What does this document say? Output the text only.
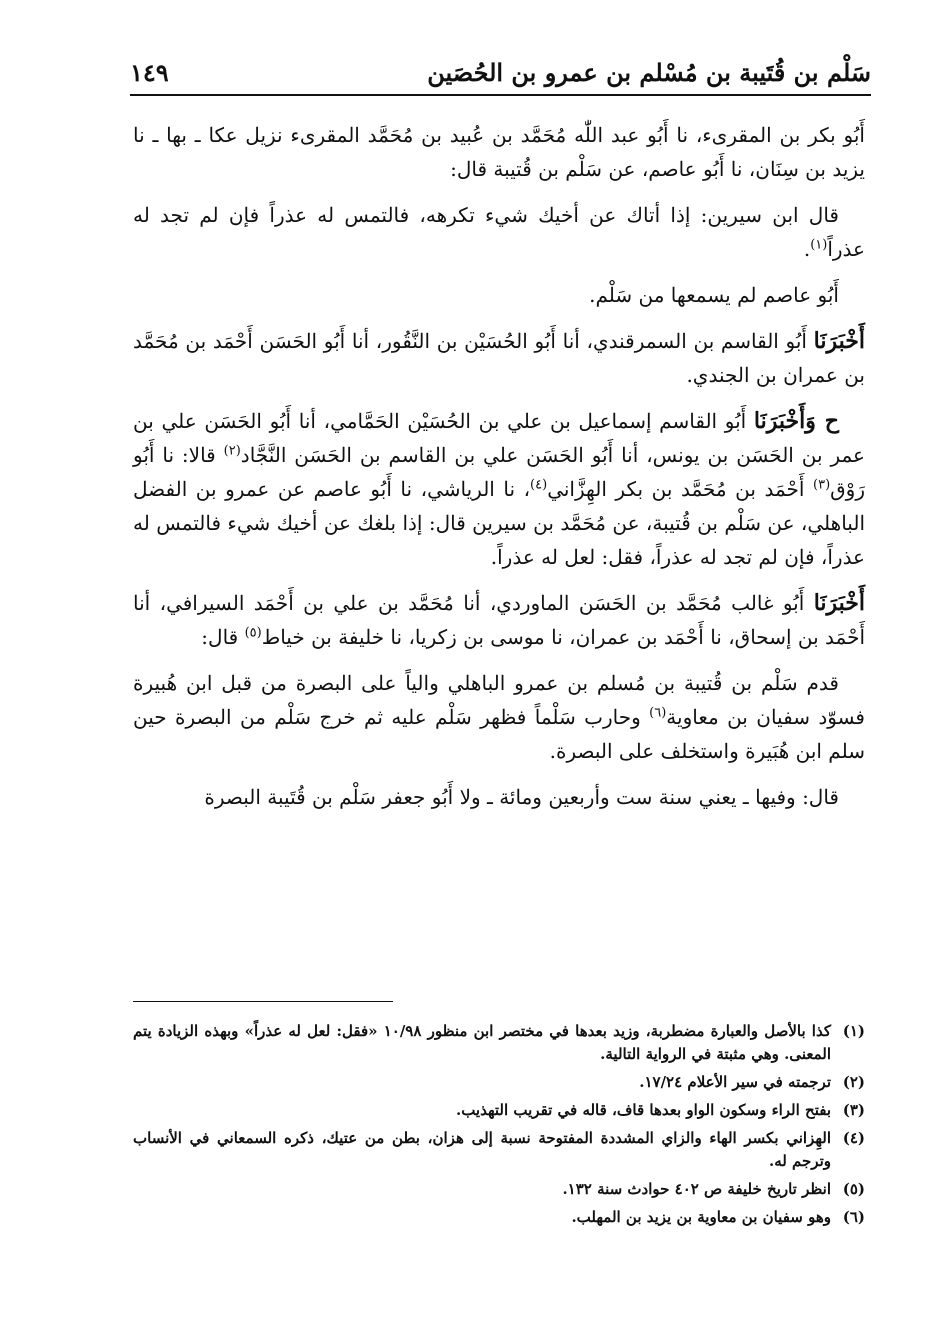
سَلْم بن قُتَيبة بن مُسْلم بن عمرو بن الحُصَين
١٤٩

أَبُو بكر بن المقرىء، نا أَبُو عبد اللّٰه مُحَمَّد بن عُبيد بن مُحَمَّد المقرىء نزيل عكا ـ بها ـ نا يزيد بن سِنَان، نا أَبُو عاصم، عن سَلْم بن قُتيبة قال:

قال ابن سيرين: إذا أتاك عن أخيك شيء تكرهه، فالتمس له عذراً فإن لم تجد له عذراً$^{(١)}$.

أَبُو عاصم لم يسمعها من سَلْم.

أَخْبَرَنَا أَبُو القاسم بن السمرقندي، أنا أَبُو الحُسَيْن بن النَّقُور، أنا أَبُو الحَسَن أَحْمَد بن مُحَمَّد بن عمران بن الجندي.

ح وَأَخْبَرَنَا أَبُو القاسم إسماعيل بن علي بن الحُسَيْن الحَمَّامي، أنا أَبُو الحَسَن علي بن عمر بن الحَسَن بن يونس، أنا أَبُو الحَسَن علي بن القاسم بن الحَسَن النَّجَّاد$^{(٢)}$ قالا: نا أَبُو رَوْق$^{(٣)}$ أَحْمَد بن مُحَمَّد بن بكر الهِزَّاني$^{(٤)}$، نا الرياشي، نا أَبُو عاصم عن عمرو بن الفضل الباهلي، عن سَلْم بن قُتيبة، عن مُحَمَّد بن سيرين قال: إذا بلغك عن أخيك شيء فالتمس له عذراً، فإن لم تجد له عذراً، فقل: لعل له عذراً.

أَخْبَرَنَا أَبُو غالب مُحَمَّد بن الحَسَن الماوردي، أنا مُحَمَّد بن علي بن أَحْمَد السيرافي، أنا أَحْمَد بن إسحاق، نا أَحْمَد بن عمران، نا موسى بن زكريا، نا خليفة بن خياط$^{(٥)}$ قال:

قدم سَلْم بن قُتيبة بن مُسلم بن عمرو الباهلي والياً على البصرة من قبل ابن هُبيرة فسوّد سفيان بن معاوية$^{(٦)}$ وحارب سَلْماً فظهر سَلْم عليه ثم خرج سَلْم من البصرة حين سلم ابن هُبَيرة واستخلف على البصرة.

قال: وفيها ـ يعني سنة ست وأربعين ومائة ـ ولا أَبُو جعفر سَلْم بن قُتَيبة البصرة

(١)
كذا بالأصل والعبارة مضطربة، وزيد بعدها في مختصر ابن منظور ١٠/٩٨ «فقل: لعل له عذراً» وبهذه الزيادة يتم المعنى. وهي مثبتة في الرواية التالية.
(٢)
ترجمته في سير الأعلام ١٧/٢٤.
(٣)
بفتح الراء وسكون الواو بعدها قاف، قاله في تقريب التهذيب.
(٤)
الهِزاني بكسر الهاء والزاي المشددة المفتوحة نسبة إلى هزان، بطن من عتيك، ذكره السمعاني في الأنساب وترجم له.
(٥)
انظر تاريخ خليفة ص ٤٠٢ حوادث سنة ١٣٢.
(٦)
وهو سفيان بن معاوية بن يزيد بن المهلب.
